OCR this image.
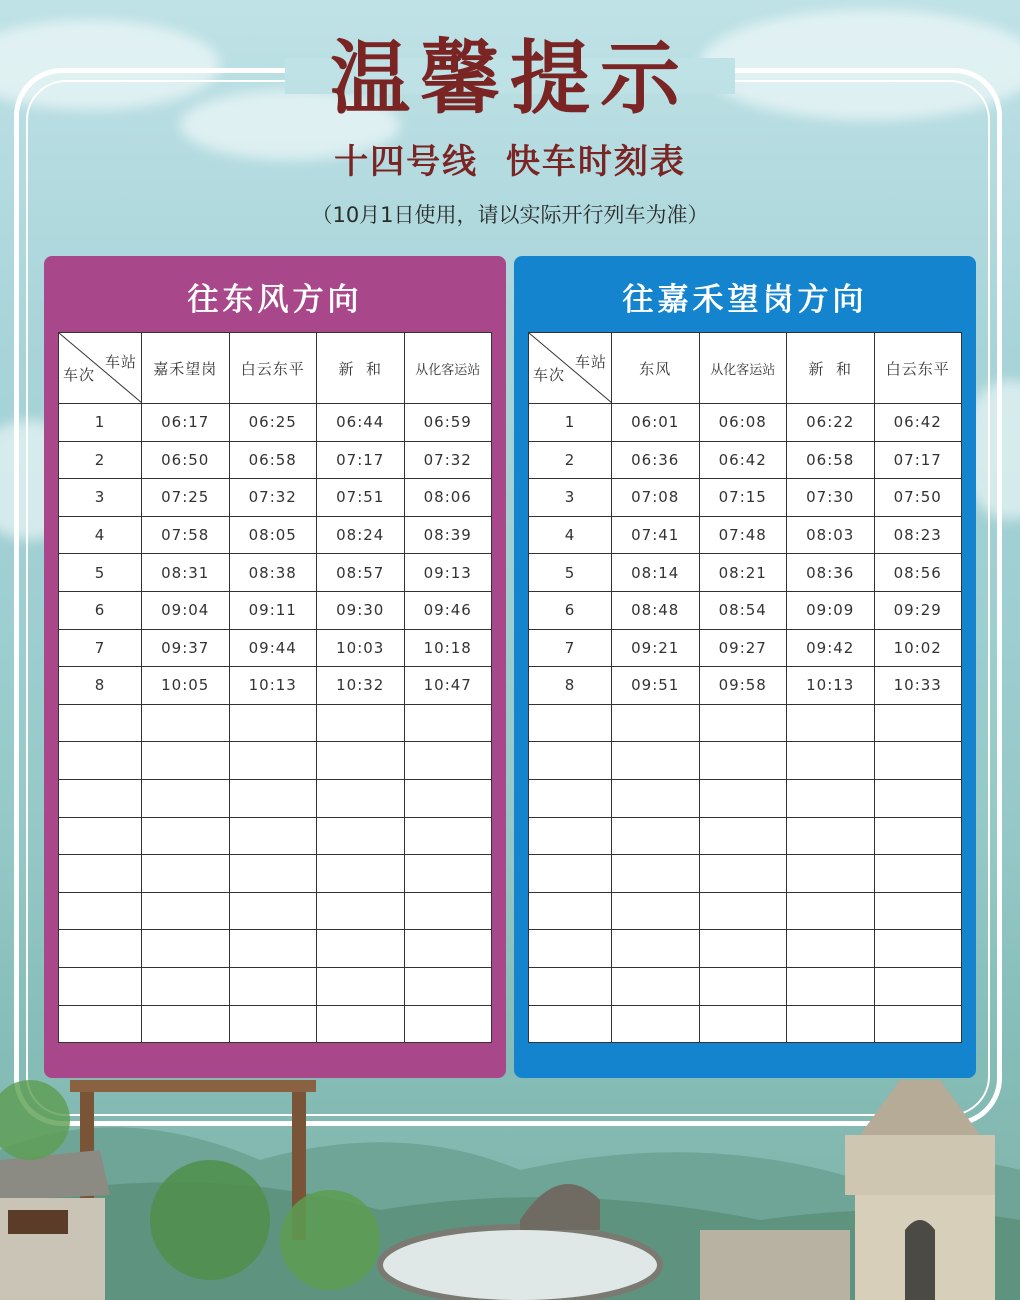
温馨提示
十四号线  快车时刻表
（10月1日使用，请以实际开行列车为准）
往东风方向
车站
车次	嘉禾望岗	白云东平	新  和	从化客运站
1	06:17	06:25	06:44	06:59
2	06:50	06:58	07:17	07:32
3	07:25	07:32	07:51	08:06
4	07:58	08:05	08:24	08:39
5	08:31	08:38	08:57	09:13
6	09:04	09:11	09:30	09:46
7	09:37	09:44	10:03	10:18
8	10:05	10:13	10:32	10:47

往嘉禾望岗方向
车站
车次	东风	从化客运站	新  和	白云东平
1	06:01	06:08	06:22	06:42
2	06:36	06:42	06:58	07:17
3	07:08	07:15	07:30	07:50
4	07:41	07:48	08:03	08:23
5	08:14	08:21	08:36	08:56
6	08:48	08:54	09:09	09:29
7	09:21	09:27	09:42	10:02
8	09:51	09:58	10:13	10:33
